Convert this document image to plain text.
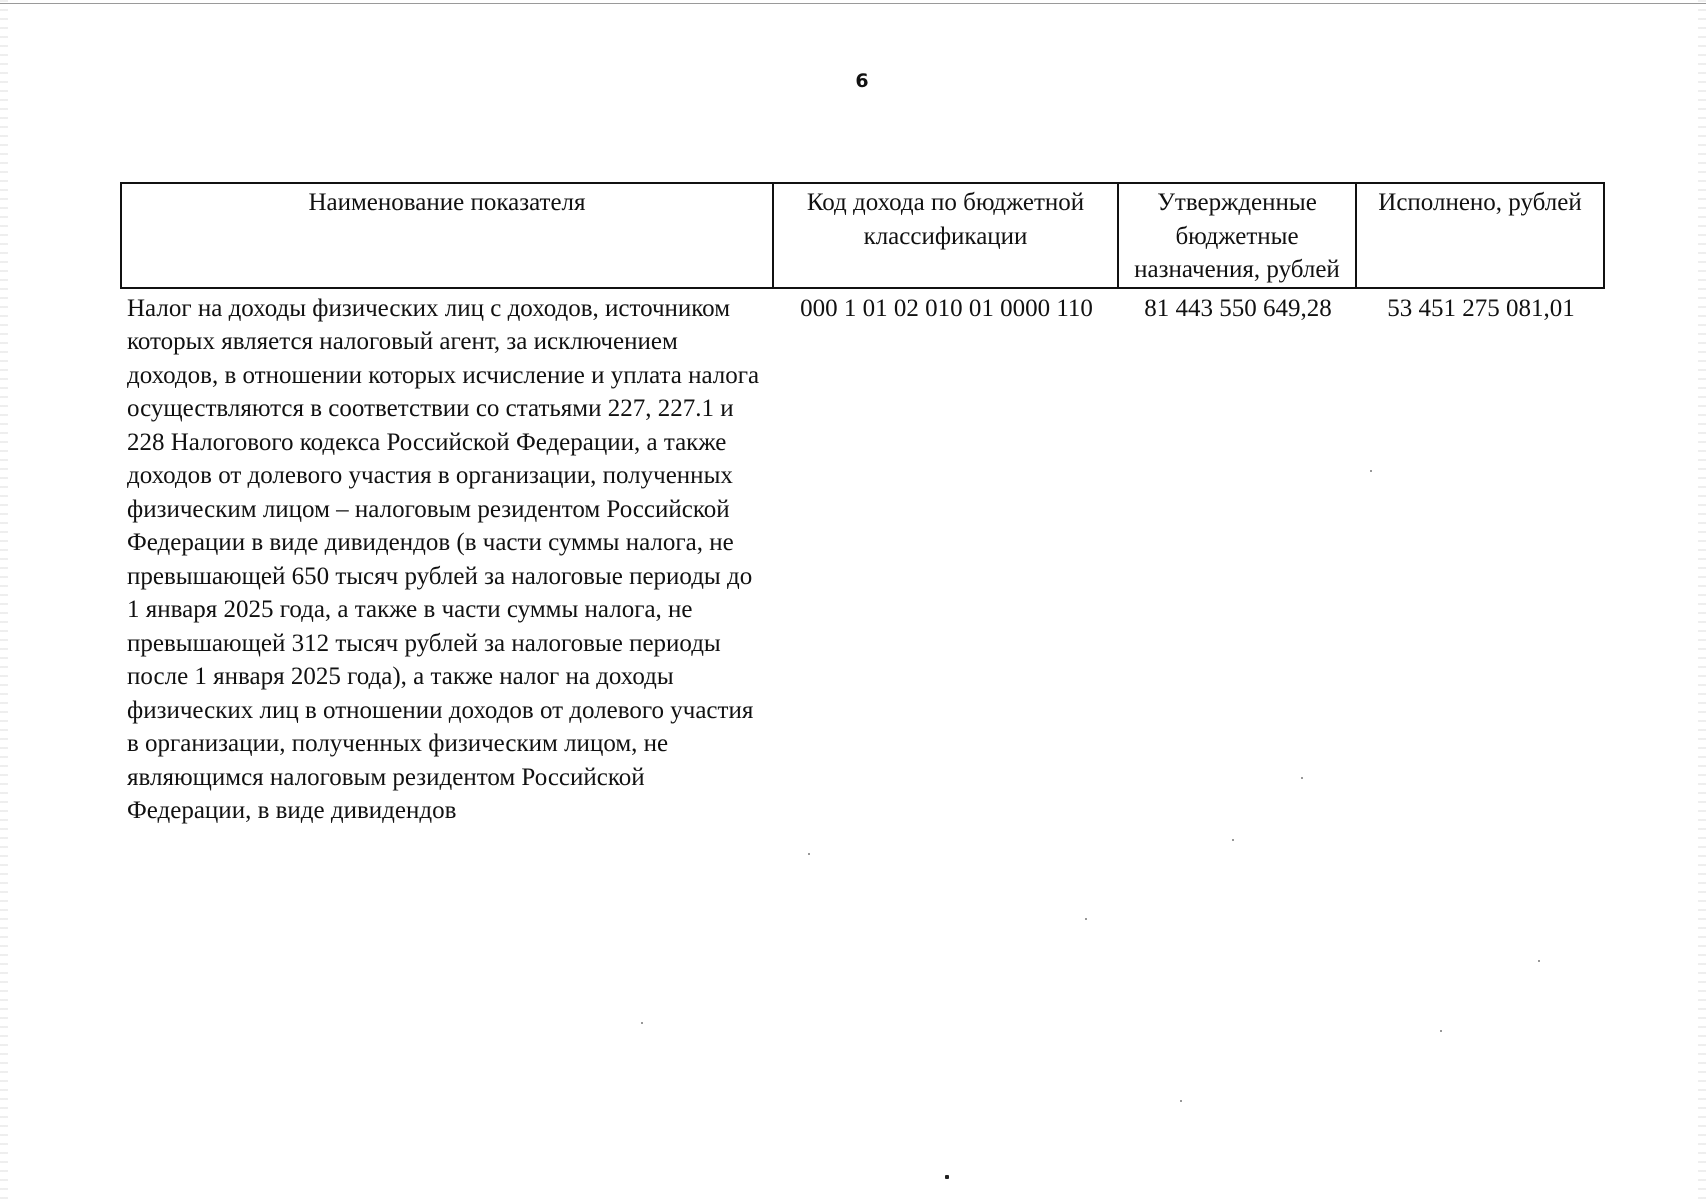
6
Наименование показателя	Код дохода по бюджетной классификации	Утвержденные бюджетные назначения, рублей	Исполнено, рублей
Налог на доходы физических лиц с доходов, источником которых является налоговый агент, за исключением доходов, в отношении которых исчисление и уплата налога осуществляются в соответствии со статьями 227, 227.1 и 228 Налогового кодекса Российской Федерации, а также доходов от долевого участия в организации, полученных физическим лицом – налоговым резидентом Российской Федерации в виде дивидендов (в части суммы налога, не превышающей 650 тысяч рублей за налоговые периоды до 1 января 2025 года, а также в части суммы налога, не превышающей 312 тысяч рублей за налоговые периоды после 1 января 2025 года), а также налог на доходы физических лиц в отношении доходов от долевого участия в организации, полученных физическим лицом, не являющимся налоговым резидентом Российской Федерации, в виде дивидендов	000 1 01 02 010 01 0000 110	81 443 550 649,28	53 451 275 081,01
